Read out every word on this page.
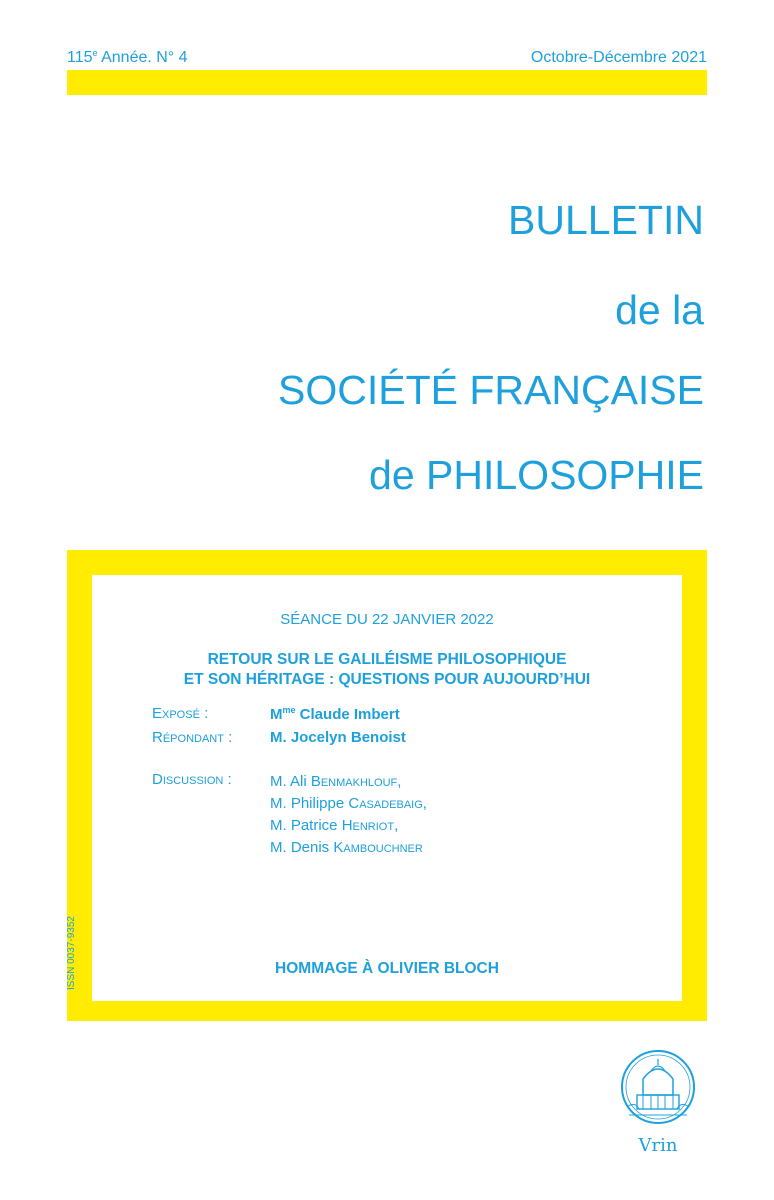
115e Année. N° 4	Octobre-Décembre 2021
BULLETIN
de la
SOCIÉTÉ FRANÇAISE
de PHILOSOPHIE
SÉANCE DU 22 JANVIER 2022
RETOUR SUR LE GALILÉISME PHILOSOPHIQUE
ET SON HÉRITAGE : QUESTIONS POUR AUJOURD’HUI
Exposé :	$M^{me}$ Claude Imbert
Répondant :	M. Jocelyn Benoist
Discussion :	M. Ali Benmakhlouf,
M. Philippe Casadebaig,
M. Patrice Henriot,
M. Denis Kambouchner
HOMMAGE À OLIVIER BLOCH
ISSN 0037-9352
Vrin
